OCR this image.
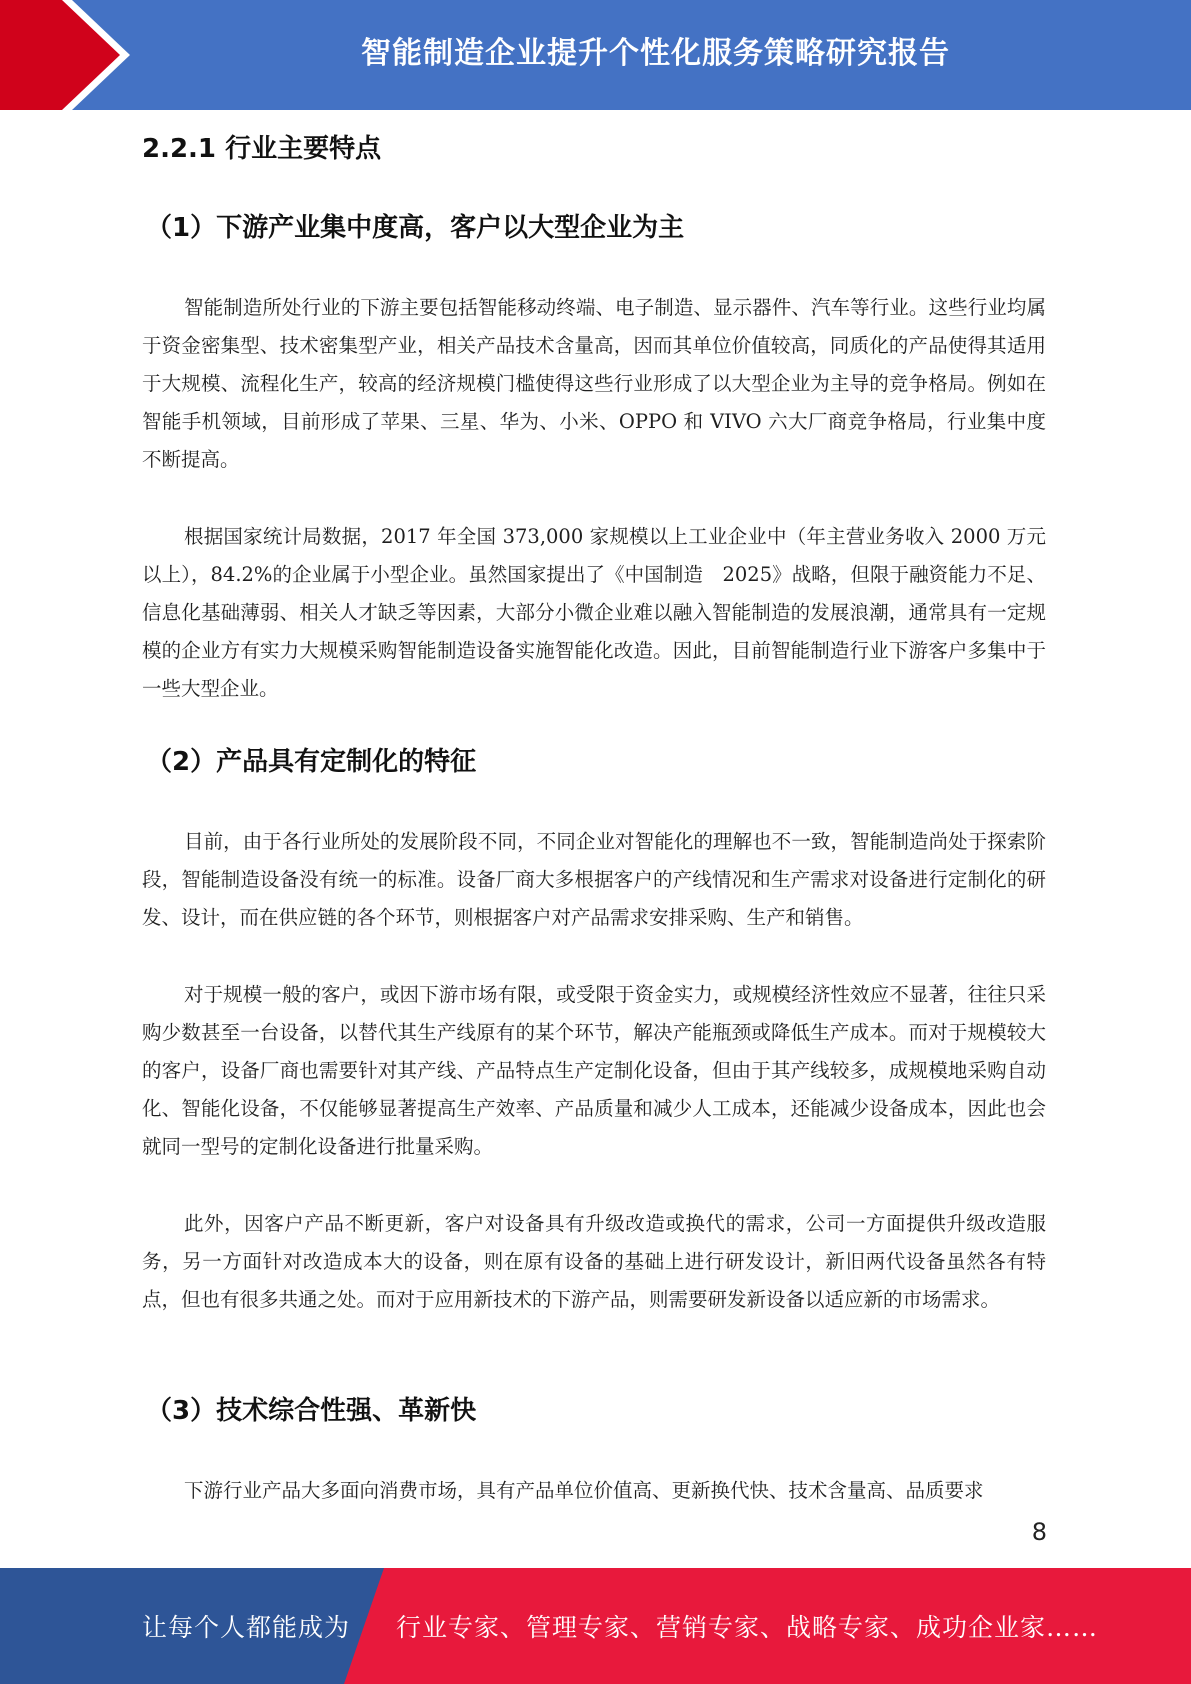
智能制造企业提升个性化服务策略研究报告
2.2.1 行业主要特点
（1）下游产业集中度高，客户以大型企业为主
智能制造所处行业的下游主要包括智能移动终端、电子制造、显示器件、汽车等行业。这些行业均属于资金密集型、技术密集型产业，相关产品技术含量高，因而其单位价值较高，同质化的产品使得其适用于大规模、流程化生产，较高的经济规模门槛使得这些行业形成了以大型企业为主导的竞争格局。例如在智能手机领域，目前形成了苹果、三星、华为、小米、OPPO 和 VIVO 六大厂商竞争格局，行业集中度不断提高。
根据国家统计局数据，2017 年全国 373,000 家规模以上工业企业中（年主营业务收入 2000 万元以上），84.2%的企业属于小型企业。虽然国家提出了《中国制造　2025》战略，但限于融资能力不足、信息化基础薄弱、相关人才缺乏等因素，大部分小微企业难以融入智能制造的发展浪潮，通常具有一定规模的企业方有实力大规模采购智能制造设备实施智能化改造。因此，目前智能制造行业下游客户多集中于一些大型企业。
（2）产品具有定制化的特征
目前，由于各行业所处的发展阶段不同，不同企业对智能化的理解也不一致，智能制造尚处于探索阶段，智能制造设备没有统一的标准。设备厂商大多根据客户的产线情况和生产需求对设备进行定制化的研发、设计，而在供应链的各个环节，则根据客户对产品需求安排采购、生产和销售。
对于规模一般的客户，或因下游市场有限，或受限于资金实力，或规模经济性效应不显著，往往只采购少数甚至一台设备，以替代其生产线原有的某个环节，解决产能瓶颈或降低生产成本。而对于规模较大的客户，设备厂商也需要针对其产线、产品特点生产定制化设备，但由于其产线较多，成规模地采购自动化、智能化设备，不仅能够显著提高生产效率、产品质量和减少人工成本，还能减少设备成本，因此也会就同一型号的定制化设备进行批量采购。
此外，因客户产品不断更新，客户对设备具有升级改造或换代的需求，公司一方面提供升级改造服务，另一方面针对改造成本大的设备，则在原有设备的基础上进行研发设计，新旧两代设备虽然各有特点，但也有很多共通之处。而对于应用新技术的下游产品，则需要研发新设备以适应新的市场需求。
（3）技术综合性强、革新快
下游行业产品大多面向消费市场，具有产品单位价值高、更新换代快、技术含量高、品质要求
8
让每个人都能成为 行业专家、管理专家、营销专家、战略专家、成功企业家……
